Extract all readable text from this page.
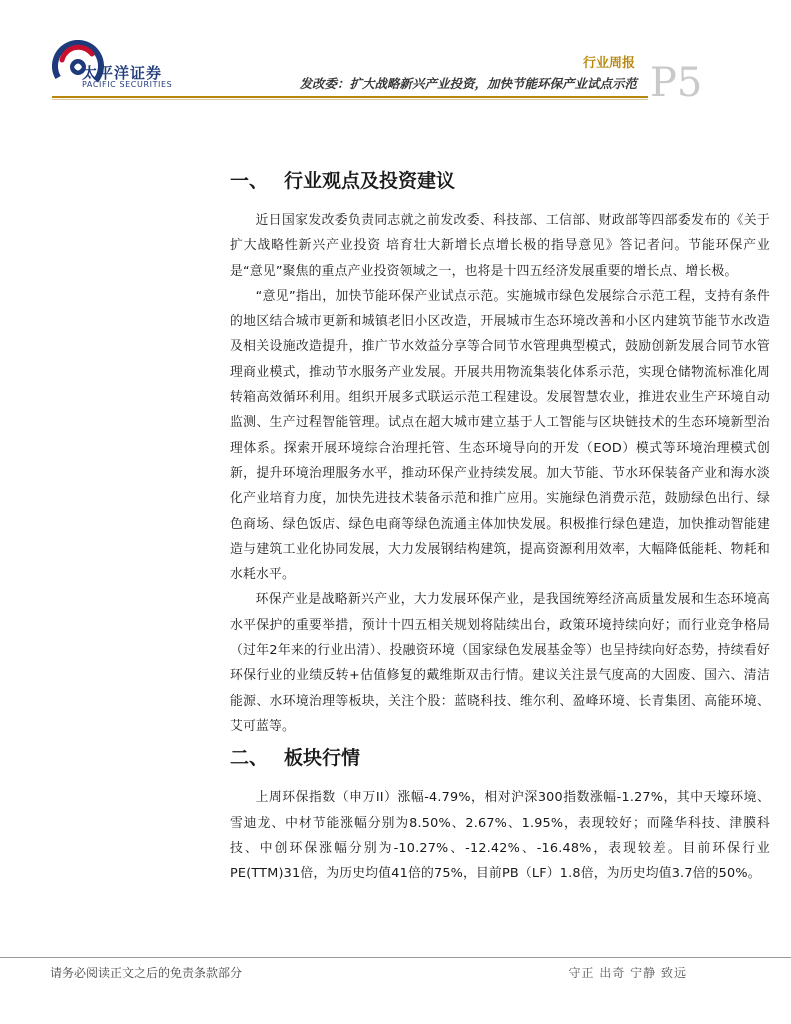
太平洋证券
PACIFIC SECURITIES
行业周报
发改委：扩大战略新兴产业投资，加快节能环保产业试点示范 P5
一、 行业观点及投资建议

近日国家发改委负责同志就之前发改委、科技部、工信部、财政部等四部委发布的《关于扩大战略性新兴产业投资 培育壮大新增长点增长极的指导意见》答记者问。节能环保产业是“意见”聚焦的重点产业投资领域之一，也将是十四五经济发展重要的增长点、增长极。

“意见”指出，加快节能环保产业试点示范。实施城市绿色发展综合示范工程，支持有条件的地区结合城市更新和城镇老旧小区改造，开展城市生态环境改善和小区内建筑节能节水改造及相关设施改造提升，推广节水效益分享等合同节水管理典型模式，鼓励创新发展合同节水管理商业模式，推动节水服务产业发展。开展共用物流集装化体系示范，实现仓储物流标准化周转箱高效循环利用。组织开展多式联运示范工程建设。发展智慧农业，推进农业生产环境自动监测、生产过程智能管理。试点在超大城市建立基于人工智能与区块链技术的生态环境新型治理体系。探索开展环境综合治理托管、生态环境导向的开发（EOD）模式等环境治理模式创新，提升环境治理服务水平，推动环保产业持续发展。加大节能、节水环保装备产业和海水淡化产业培育力度，加快先进技术装备示范和推广应用。实施绿色消费示范，鼓励绿色出行、绿色商场、绿色饭店、绿色电商等绿色流通主体加快发展。积极推行绿色建造，加快推动智能建造与建筑工业化协同发展，大力发展钢结构建筑，提高资源利用效率，大幅降低能耗、物耗和水耗水平。

环保产业是战略新兴产业，大力发展环保产业，是我国统筹经济高质量发展和生态环境高水平保护的重要举措，预计十四五相关规划将陆续出台，政策环境持续向好；而行业竞争格局（过年2年来的行业出清）、投融资环境（国家绿色发展基金等）也呈持续向好态势，持续看好环保行业的业绩反转+估值修复的戴维斯双击行情。建议关注景气度高的大固废、国六、清洁能源、水环境治理等板块，关注个股：蓝晓科技、维尔利、盈峰环境、长青集团、高能环境、艾可蓝等。

二、 板块行情

上周环保指数（申万II）涨幅-4.79%，相对沪深300指数涨幅-1.27%，其中天壕环境、雪迪龙、中材节能涨幅分别为8.50%、2.67%、1.95%，表现较好；而隆华科技、津膜科技、中创环保涨幅分别为-10.27%、-12.42%、-16.48%，表现较差。目前环保行业PE(TTM)31倍，为历史均值41倍的75%，目前PB（LF）1.8倍，为历史均值3.7倍的50%。

请务必阅读正文之后的免责条款部分	守正 出奇 宁静 致远
